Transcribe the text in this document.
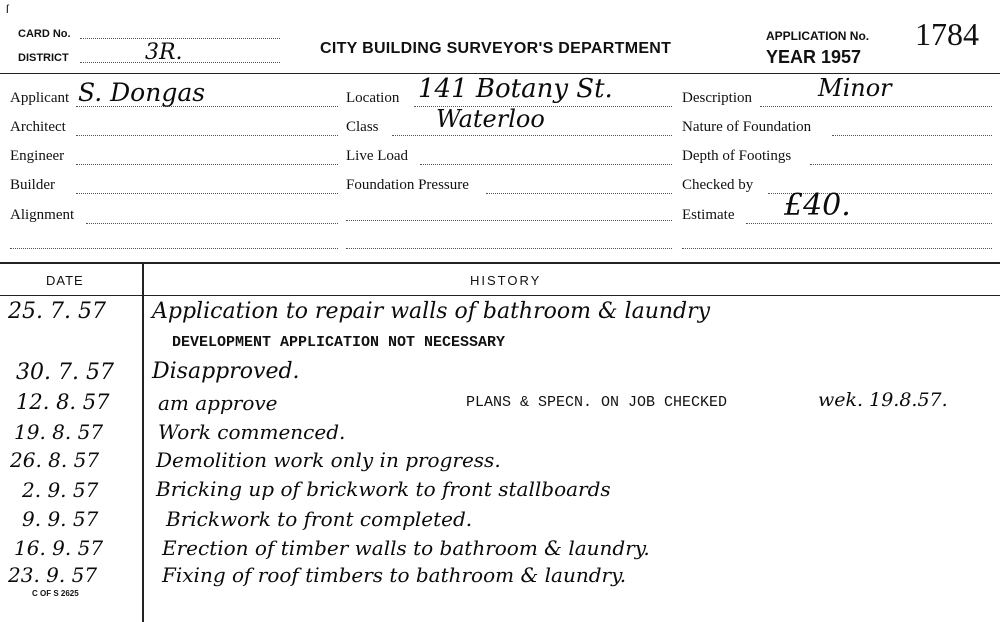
ſ
CARD No.
DISTRICT	3R.	CITY BUILDING SURVEYOR'S DEPARTMENT
APPLICATION No. 1784
YEAR 1957
Applicant S. Dongas
Architect
Engineer
Builder
Alignment
Location 141 Botany St.
Class Waterloo
Live Load
Foundation Pressure
Description	Minor
Nature of Foundation
Depth of Footings
Checked by
Estimate £40.
DATE	HISTORY
25. 7. 57 Application to repair walls of bathroom & laundry
DEVELOPMENT APPLICATION NOT NECESSARY
30. 7. 57 Disapproved.
12. 8. 57 am approve	PLANS & SPECN. ON JOB CHECKED	wek. 19.8.57.
19. 8. 57	Work commenced.
26. 8. 57	Demolition work only in progress.
2. 9. 57	Bricking up of brickwork to front stallboards
9. 9. 57	Brickwork to front completed.
16. 9. 57	Erection of timber walls to bathroom & laundry.
23. 9. 57	Fixing of roof timbers to bathroom & laundry.
C OF S 2625
